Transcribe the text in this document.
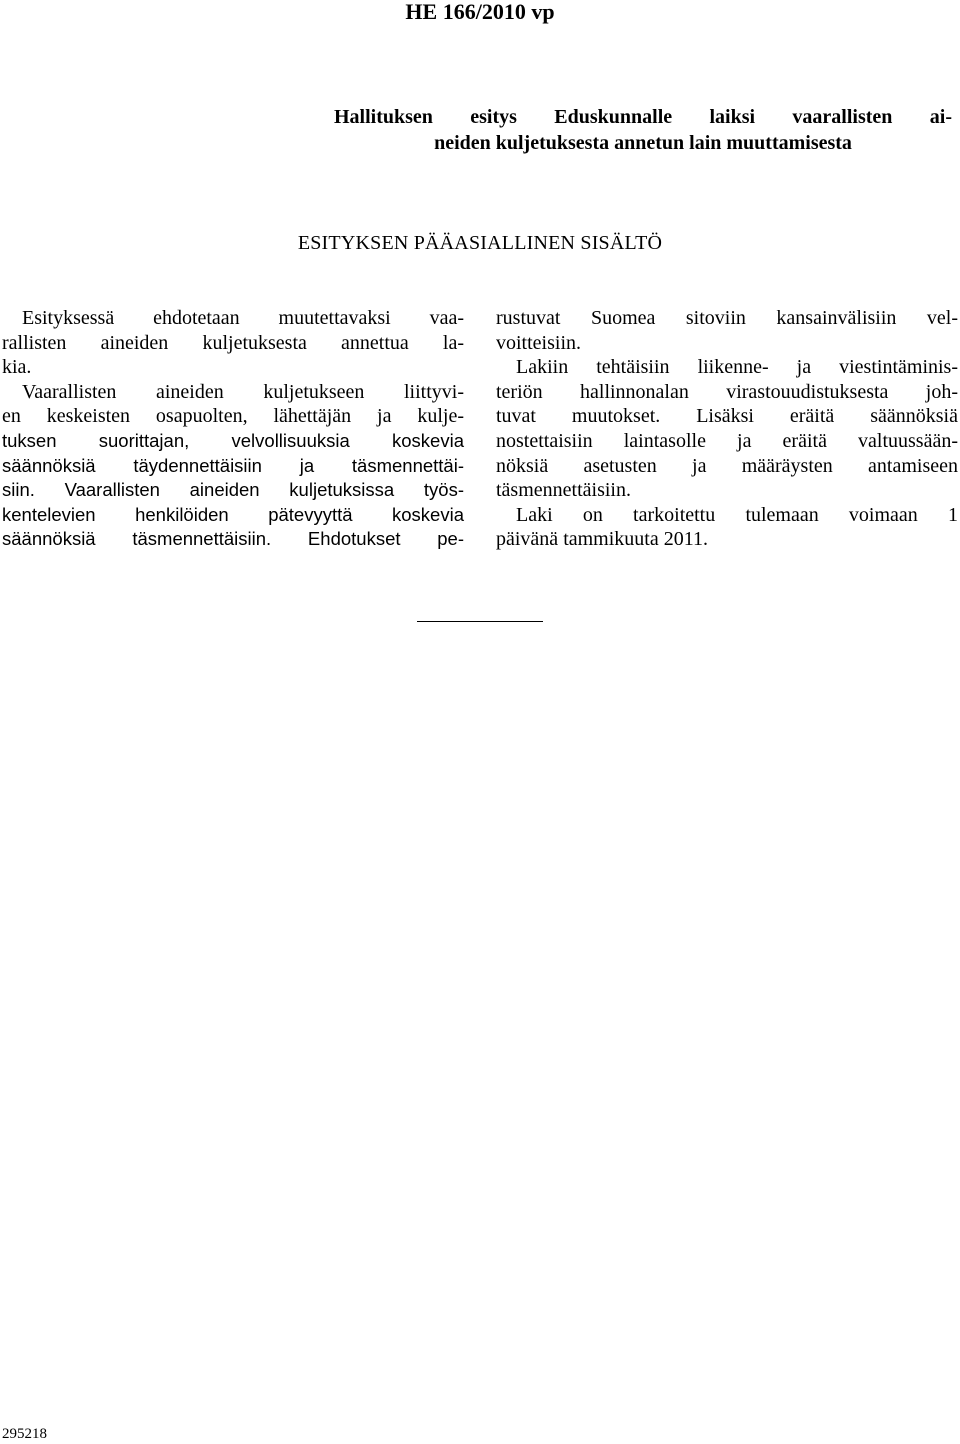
HE 166/2010 vp
Hallituksen esitys Eduskunnalle laiksi vaarallisten ai-
neiden kuljetuksesta annetun lain muuttamisesta
ESITYKSEN PÄÄASIALLINEN SISÄLTÖ

Esityksessä ehdotetaan muutettavaksi vaa-
rallisten aineiden kuljetuksesta annettua la-
kia.

Vaarallisten aineiden kuljetukseen liittyvi-
en keskeisten osapuolten, lähettäjän ja kulje-
tuksen suorittajan, velvollisuuksia koskevia
säännöksiä täydennettäisiin ja täsmennettäi-
siin. Vaarallisten aineiden kuljetuksissa työs-
kentelevien henkilöiden pätevyyttä koskevia
säännöksiä täsmennettäisiin. Ehdotukset pe-

rustuvat Suomea sitoviin kansainvälisiin vel-
voitteisiin.

Lakiin tehtäisiin liikenne- ja viestintäminis-
teriön hallinnonalan virastouudistuksesta joh-
tuvat muutokset. Lisäksi eräitä säännöksiä
nostettaisiin laintasolle ja eräitä valtuussään-
nöksiä asetusten ja määräysten antamiseen
täsmennettäisiin.

Laki on tarkoitettu tulemaan voimaan 1
päivänä tammikuuta 2011.

295218
